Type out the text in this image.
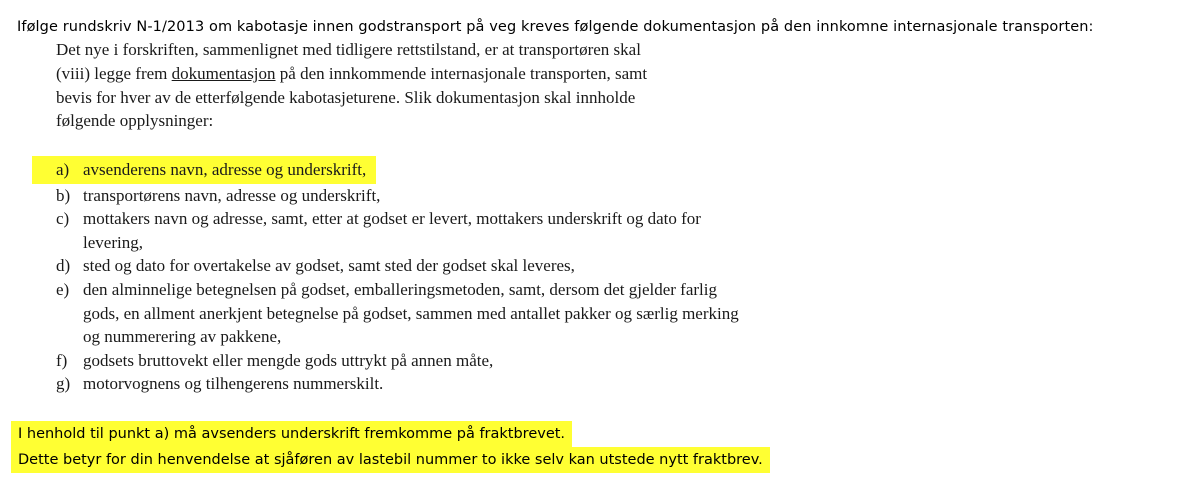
Ifølge rundskriv N-1/2013 om kabotasje innen godstransport på veg kreves følgende dokumentasjon på den innkomne internasjonale transporten:

Det nye i forskriften, sammenlignet med tidligere rettstilstand, er at transportøren skal

(viii) legge frem dokumentasjon på den innkommende internasjonale transporten, samt

bevis for hver av de etterfølgende kabotasjeturene. Slik dokumentasjon skal innholde

følgende opplysninger:

a) avsenderens navn, adresse og underskrift,
b) transportørens navn, adresse og underskrift,
c) mottakers navn og adresse, samt, etter at godset er levert, mottakers underskrift og dato for levering,
d) sted og dato for overtakelse av godset, samt sted der godset skal leveres,
e) den alminnelige betegnelsen på godset, emballeringsmetoden, samt, dersom det gjelder farlig gods, en allment anerkjent betegnelse på godset, sammen med antallet pakker og særlig merking og nummerering av pakkene,
f) godsets bruttovekt eller mengde gods uttrykt på annen måte,
g) motorvognens og tilhengerens nummerskilt.
I henhold til punkt a) må avsenders underskrift fremkomme på fraktbrevet.
Dette betyr for din henvendelse at sjåføren av lastebil nummer to ikke selv kan utstede nytt fraktbrev.
